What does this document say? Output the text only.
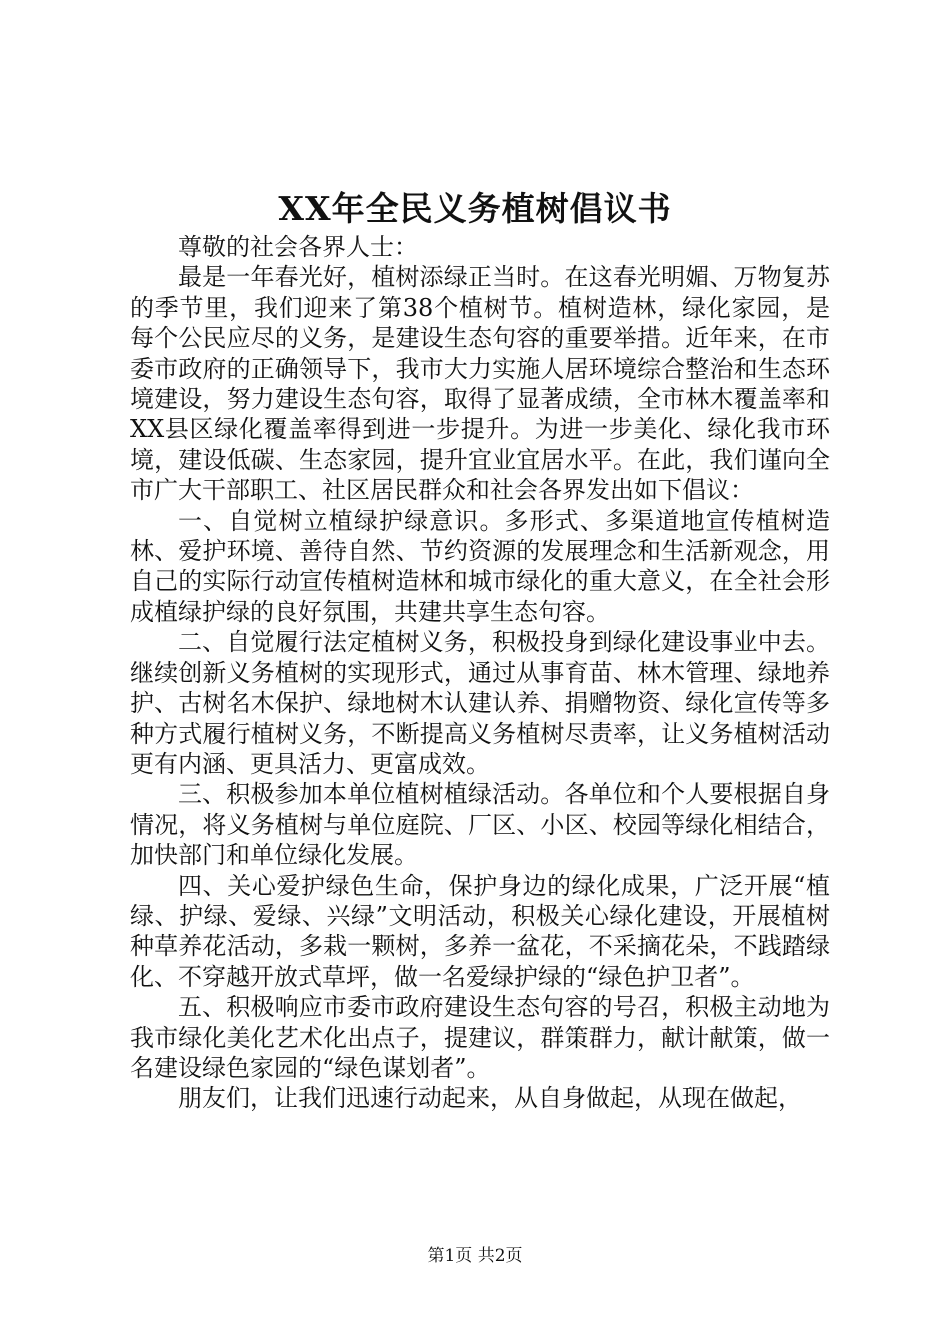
XX年全民义务植树倡议书

尊敬的社会各界人士：

最是一年春光好，植树添绿正当时。在这春光明媚、万物复苏的季节里，我们迎来了第38个植树节。植树造林，绿化家园，是每个公民应尽的义务，是建设生态句容的重要举措。近年来，在市委市政府的正确领导下，我市大力实施人居环境综合整治和生态环境建设，努力建设生态句容，取得了显著成绩，全市林木覆盖率和XX县区绿化覆盖率得到进一步提升。为进一步美化、绿化我市环境，建设低碳、生态家园，提升宜业宜居水平。在此，我们谨向全市广大干部职工、社区居民群众和社会各界发出如下倡议：

一、自觉树立植绿护绿意识。多形式、多渠道地宣传植树造林、爱护环境、善待自然、节约资源的发展理念和生活新观念，用自己的实际行动宣传植树造林和城市绿化的重大意义，在全社会形成植绿护绿的良好氛围，共建共享生态句容。

二、自觉履行法定植树义务，积极投身到绿化建设事业中去。继续创新义务植树的实现形式，通过从事育苗、林木管理、绿地养护、古树名木保护、绿地树木认建认养、捐赠物资、绿化宣传等多种方式履行植树义务，不断提高义务植树尽责率，让义务植树活动更有内涵、更具活力、更富成效。

三、积极参加本单位植树植绿活动。各单位和个人要根据自身情况，将义务植树与单位庭院、厂区、小区、校园等绿化相结合，加快部门和单位绿化发展。

四、关心爱护绿色生命，保护身边的绿化成果，广泛开展“植绿、护绿、爱绿、兴绿”文明活动，积极关心绿化建设，开展植树种草养花活动，多栽一颗树，多养一盆花，不采摘花朵，不践踏绿化、不穿越开放式草坪，做一名爱绿护绿的“绿色护卫者”。

五、积极响应市委市政府建设生态句容的号召，积极主动地为我市绿化美化艺术化出点子，提建议，群策群力，献计献策，做一名建设绿色家园的“绿色谋划者”。

朋友们，让我们迅速行动起来，从自身做起，从现在做起，

第1页 共2页
